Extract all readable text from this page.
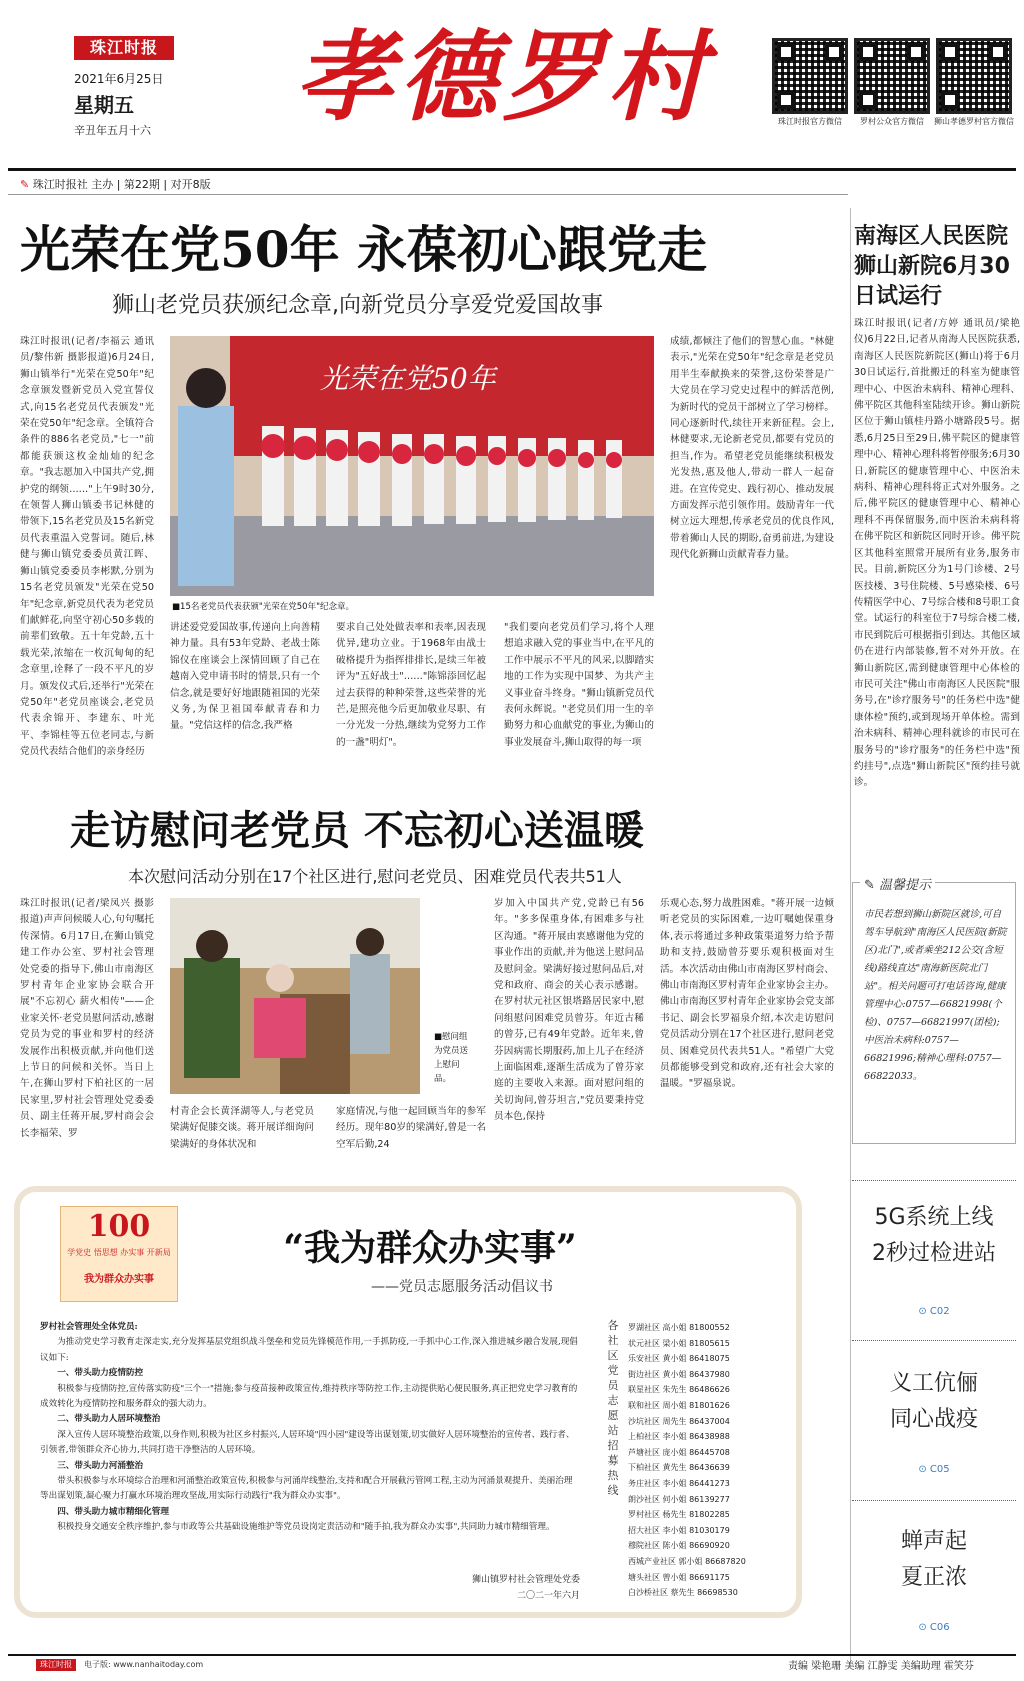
珠江时报
2021年6月25日
星期五
辛丑年五月十六	孝德罗村	珠江时报官方微信	罗村公众官方微信	狮山孝德罗村官方微信
✎ 珠江时报社 主办 | 第22期 | 对开8版
光荣在党50年 永葆初心跟党走
狮山老党员获颁纪念章,向新党员分享爱党爱国故事
珠江时报讯(记者/李福云 通讯员/黎伟新 摄影报道)6月24日,狮山镇举行"光荣在党50年"纪念章颁发暨新党员入党宣誓仪式,向15名老党员代表颁发"光荣在党50年"纪念章。全镇符合条件的886名老党员,"七一"前都能获颁这枚金灿灿的纪念章。"我志愿加入中国共产党,拥护党的纲领……"上午9时30分,在领誓人狮山镇委书记林健的带领下,15名老党员及15名新党员代表重温入党誓词。随后,林健与狮山镇党委委员黄江晖、狮山镇党委委员李彬默,分别为15名老党员颁发"光荣在党50年"纪念章,新党员代表为老党员们献鲜花,向坚守初心50多载的前辈们致敬。五十年党龄,五十载光荣,浓缩在一枚沉甸甸的纪念章里,诠释了一段不平凡的岁月。颁发仪式后,还举行"光荣在党50年"老党员座谈会,老党员代表余锦开、李建东、叶光平、李锦桂等五位老同志,与新党员代表结合他们的亲身经历
光荣在党50年
■15名老党员代表获颁"光荣在党50年"纪念章。
讲述爱党爱国故事,传递向上向善精神力量。具有53年党龄、老战士陈锦仪在座谈会上深情回顾了自己在越南入党申请书时的情景,只有一个信念,就是要好好地跟随祖国的光荣义务,为保卫祖国奉献青春和力量。"党信这样的信念,我严格
要求自己处处做表率和表率,因表现优异,建功立业。于1968年由战士破格提升为指挥排排长,是续三年被评为"五好战士"……"陈锦添回忆起过去获得的种种荣誉,这些荣誉的光芒,是照亮他今后更加敬业尽职、有一分光发一分热,继续为党努力工作的一盏"明灯"。
"我们要向老党员们学习,将个人理想追求融入党的事业当中,在平凡的工作中展示不平凡的风采,以脚踏实地的工作为实现中国梦、为共产主义事业奋斗终身。"狮山镇新党员代表何永辉说。"老党员们用一生的辛勤努力和心血献党的事业,为狮山的事业发展奋斗,狮山取得的每一项
成绩,都倾注了他们的智慧心血。"林健表示,"光荣在党50年"纪念章是老党员用半生奉献换来的荣誉,这份荣誉是广大党员在学习党史过程中的鲜活范例,为新时代的党员干部树立了学习榜样。同心逐新时代,续往开来新征程。会上,林健要求,无论新老党员,都要有党员的担当,作为。希望老党员能继续积极发光发热,惠及他人,带动一群人一起奋进。在宣传党史、践行初心、推动发展方面发挥示范引领作用。鼓励青年一代树立远大理想,传承老党员的优良作风,带着狮山人民的期盼,奋勇前进,为建设现代化新狮山贡献青春力量。
走访慰问老党员 不忘初心送温暖
本次慰问活动分别在17个社区进行,慰问老党员、困难党员代表共51人
珠江时报讯(记者/梁凤兴 摄影报道)声声问候暖人心,句句嘱托传深情。6月17日,在狮山镇党建工作办公室、罗村社会管理处党委的指导下,佛山市南海区罗村青年企业家协会联合开展"不忘初心 薪火相传"——企业家关怀·老党员慰问活动,感谢党员为党的事业和罗村的经济发展作出积极贡献,并向他们送上节日的问候和关怀。当日上午,在狮山罗村下柏社区的一居民家里,罗村社会管理处党委委员、副主任蒋开展,罗村商会会长李福荣、罗
■慰问组为党员送上慰问品。
村青企会长黄泽湖等人,与老党员梁满好促膝交谈。蒋开展详细询问梁满好的身体状况和
家庭情况,与他一起回顾当年的参军经历。现年80岁的梁满好,曾是一名空军后勤,24
岁加入中国共产党,党龄已有56年。"多多保重身体,有困难多与社区沟通。"蒋开展由衷感谢他为党的事业作出的贡献,并为他送上慰问品及慰问金。梁满好接过慰问品后,对党和政府、商会的关心表示感谢。在罗村状元社区银塔路居民家中,慰问组慰问困难党员曾芬。年近古稀的曾芬,已有49年党龄。近年来,曾芬因病需长期服药,加上儿子在经济上面临困难,逐渐生活成为了曾芬家庭的主要收入来源。面对慰问组的关切询问,曾芬坦言,"党员要秉持党员本色,保持
乐观心态,努力战胜困难。"蒋开展一边倾听老党员的实际困难,一边叮嘱她保重身体,表示将通过多种政策渠道努力给予帮助和支持,鼓励曾芬要乐观积极面对生活。本次活动由佛山市南海区罗村商会、佛山市南海区罗村青年企业家协会主办。佛山市南海区罗村青年企业家协会党支部书记、副会长罗福泉介绍,本次走访慰问党员活动分别在17个社区进行,慰问老党员、困难党员代表共51人。"希望广大党员都能够受到党和政府,还有社会大家的温暖。"罗福泉说。
南海区人民医院狮山新院6月30日试运行
珠江时报讯(记者/方婷 通讯员/梁艳仪)6月22日,记者从南海人民医院获悉,南海区人民医院新院区(狮山)将于6月30日试运行,首批搬迁的科室为健康管理中心、中医治未病科、精神心理科、佛平院区其他科室陆续开诊。狮山新院区位于狮山镇桂丹路小塘路段5号。据悉,6月25日至29日,佛平院区的健康管理中心、精神心理科将暂停服务;6月30日,新院区的健康管理中心、中医治未病科、精神心理科将正式对外服务。之后,佛平院区的健康管理中心、精神心理科不再保留服务,而中医治未病科将在佛平院区和新院区同时开诊。佛平院区其他科室照常开展所有业务,服务市民。目前,新院区分为1号门诊楼、2号医技楼、3号住院楼、5号感染楼、6号传精医学中心、7号综合楼和8号职工食堂。试运行的科室位于7号综合楼二楼,市民到院后可根据指引到达。其他区域仍在进行内部装修,暂不对外开放。在狮山新院区,需到健康管理中心体检的市民可关注"佛山市南海区人民医院"服务号,在"诊疗服务号"的任务栏中选"健康体检"预约,或到现场开单体检。需到治未病科、精神心理科就诊的市民可在服务号的"诊疗服务"的任务栏中选"预约挂号",点选"狮山新院区"预约挂号就诊。
✎ 温馨提示
市民若想到狮山新院区就诊,可自驾车导航到"南海区人民医院(新院区)北门",或者乘坐212公交(含短线)路线直达"南海新医院北门站"。相关问题可打电话咨询,健康管理中心:0757—66821998(个检)、0757—66821997(团检);中医治未病科:0757—66821996;精神心理科:0757—66822033。
5G系统上线
2秒过检进站
⊙ C02
义工伉俪
同心战疫
⊙ C05
蝉声起
夏正浓
⊙ C06
100
学党史 悟思想 办实事 开新局
我为群众办实事
“我为群众办实事”
——党员志愿服务活动倡议书
罗村社会管理处全体党员:
为推动党史学习教育走深走实,充分发挥基层党组织战斗堡垒和党员先锋模范作用,一手抓防疫,一手抓中心工作,深入推进城乡融合发展,现倡议如下:
一、带头助力疫情防控
积极参与疫情防控,宣传落实防疫"三个一"措施;参与疫苗接种政策宣传,维持秩序等防控工作,主动提供贴心便民服务,真正把党史学习教育的成效转化为疫情防控和服务群众的强大动力。
二、带头助力人居环境整治
深入宣传人居环境整治政策,以身作则,积极为社区乡村振兴,人居环境"四小园"建设等出谋划策,切实做好人居环境整治的宣传者、践行者、引领者,带领群众齐心协力,共同打造干净整洁的人居环境。
三、带头助力河涌整治
带头积极参与水环境综合治理和河涌整治政策宣传,积极参与河涌岸线整治,支持和配合开展截污管网工程,主动为河涌景观提升、美丽治理等出谋划策,凝心聚力打赢水环境治理攻坚战,用实际行动践行"我为群众办实事"。
四、带头助力城市精细化管理
积极投身交通安全秩序维护,参与市政等公共基础设施维护等党员设岗定责活动和"随手拍,我为群众办实事",共同助力城市精细管理。
狮山镇罗村社会管理处党委
二〇二一年六月
各社区党员志愿站招募热线
罗湖社区 高小姐 81800552
状元社区 梁小姐 81805615
乐安社区 黄小姐 86418075
街边社区 黄小姐 86437980
联星社区 朱先生 86486626
联和社区 周小姐 81801626
沙坑社区 周先生 86437004
上柏社区 李小姐 86438988
芦塘社区 庞小姐 86445708
下柏社区 黄先生 86436639
务庄社区 李小姐 86441273
朗沙社区 何小姐 86139277
罗村社区 杨先生 81802285
招大社区 李小姐 81030179
穆院社区 陈小姐 86690920
西城产业社区 郭小姐 86687820
塘头社区 曾小姐 86691175
白沙桥社区 蔡先生 86698530
珠江时报	电子版: www.nanhaitoday.com	责编 梁艳珊 美编 江静雯 美编助理 霍笑芬
